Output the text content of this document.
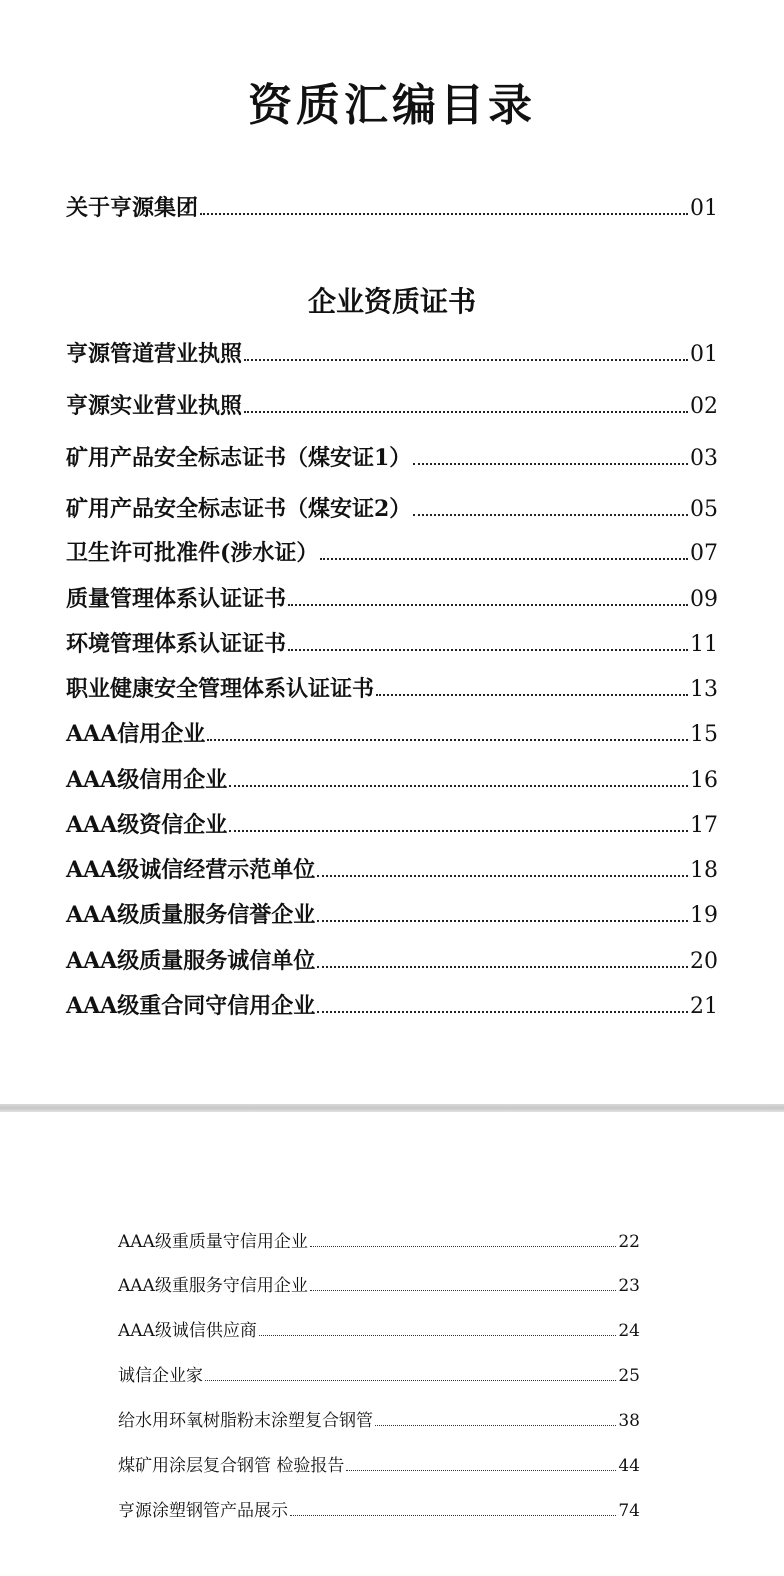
资质汇编目录
关于亨源集团	01
企业资质证书
亨源管道营业执照	01
亨源实业营业执照	02
矿用产品安全标志证书（煤安证1）	03
矿用产品安全标志证书（煤安证2）	05
卫生许可批准件(涉水证）	07
质量管理体系认证证书	09
环境管理体系认证证书	11
职业健康安全管理体系认证证书	13
AAA信用企业	15
AAA级信用企业	16
AAA级资信企业	17
AAA级诚信经营示范单位	18
AAA级质量服务信誉企业	19
AAA级质量服务诚信单位	20
AAA级重合同守信用企业	21
AAA级重质量守信用企业	22
AAA级重服务守信用企业	23
AAA级诚信供应商	24
诚信企业家	25
给水用环氧树脂粉末涂塑复合钢管	38
煤矿用涂层复合钢管 检验报告	44
亨源涂塑钢管产品展示	74
